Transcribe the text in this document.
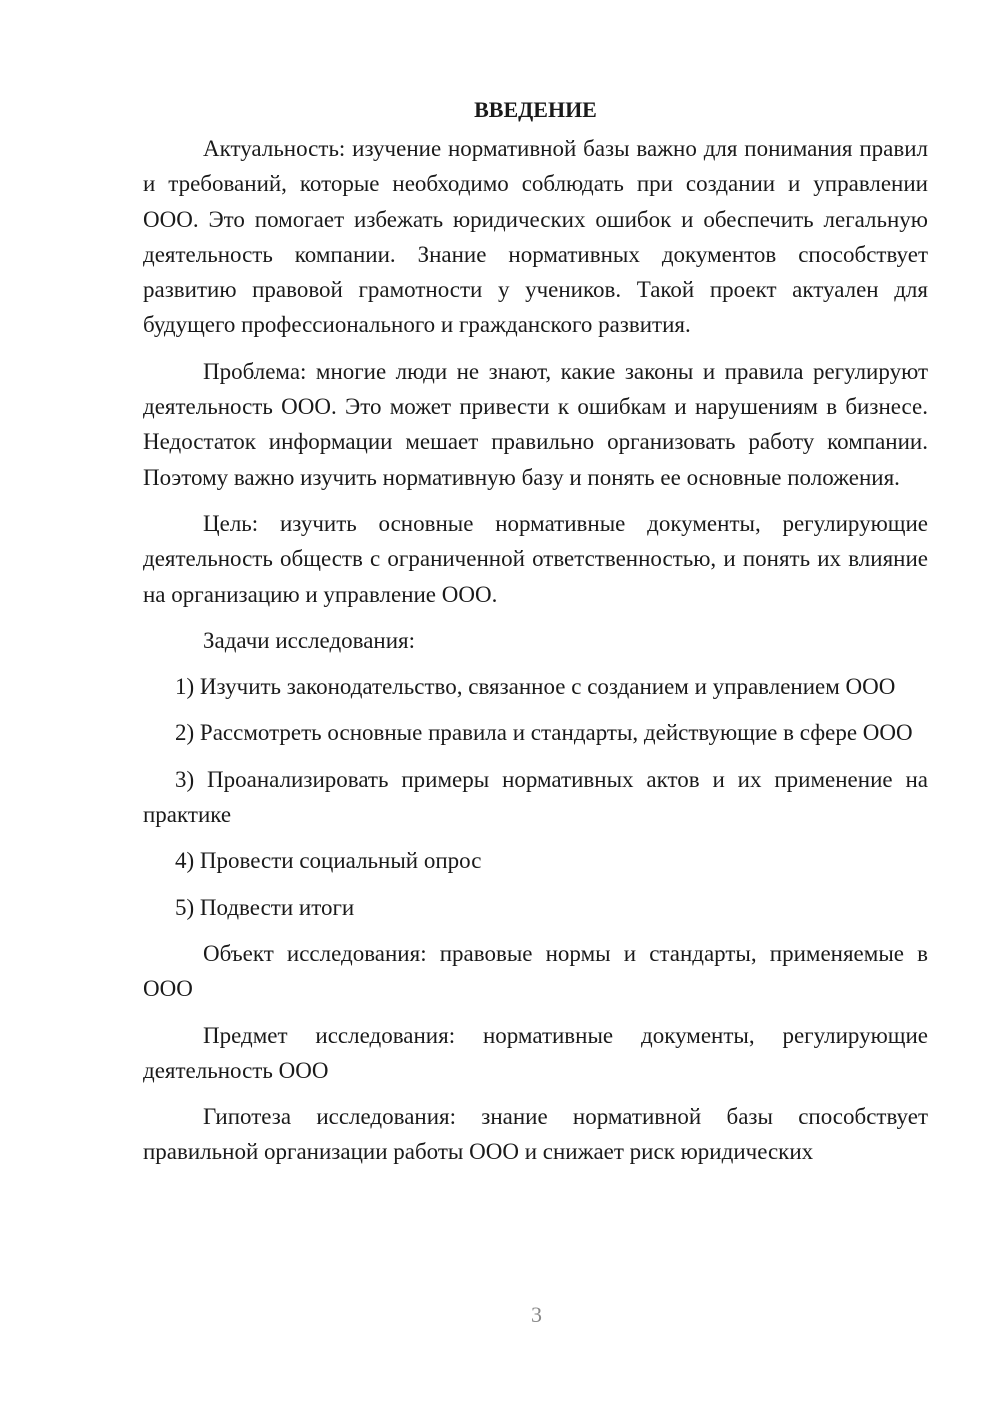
ВВЕДЕНИЕ

Актуальность: изучение нормативной базы важно для понимания правил и требований, которые необходимо соблюдать при создании и управлении ООО. Это помогает избежать юридических ошибок и обеспечить легальную деятельность компании. Знание нормативных документов способствует развитию правовой грамотности у учеников. Такой проект актуален для будущего профессионального и гражданского развития.

Проблема: многие люди не знают, какие законы и правила регулируют деятельность ООО. Это может привести к ошибкам и нарушениям в бизнесе. Недостаток информации мешает правильно организовать работу компании. Поэтому важно изучить нормативную базу и понять ее основные положения.

Цель: изучить основные нормативные документы, регулирующие деятельность обществ с ограниченной ответственностью, и понять их влияние на организацию и управление ООО.

Задачи исследования:

1) Изучить законодательство, связанное с созданием и управлением ООО

2) Рассмотреть основные правила и стандарты, действующие в сфере ООО

3) Проанализировать примеры нормативных актов и их применение на практике

4) Провести социальный опрос

5) Подвести итоги

Объект исследования: правовые нормы и стандарты, применяемые в ООО

Предмет исследования: нормативные документы, регулирующие деятельность ООО

Гипотеза исследования: знание нормативной базы способствует правильной организации работы ООО и снижает риск юридических

3
